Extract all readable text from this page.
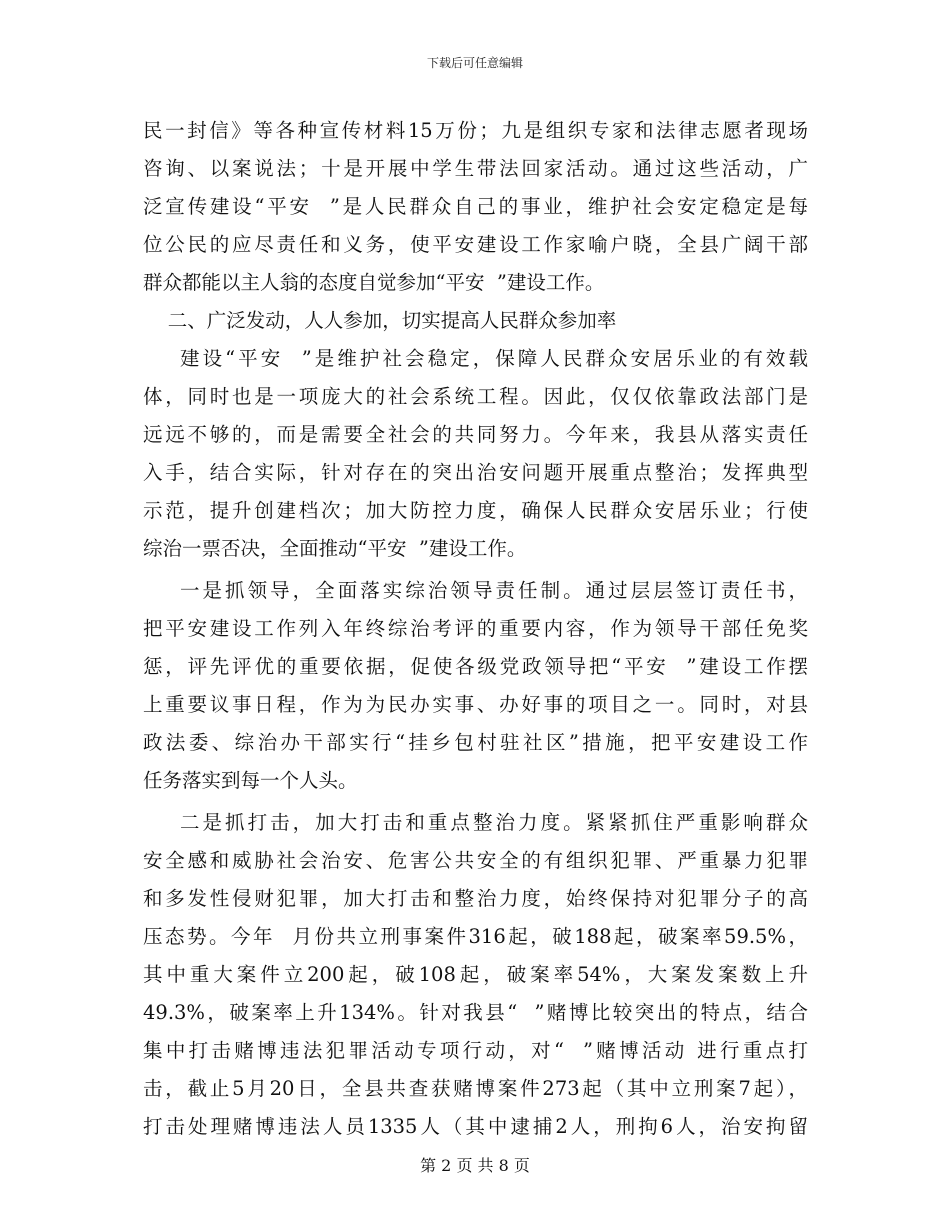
下载后可任意编辑
民一封信》等各种宣传材料15万份；九是组织专家和法律志愿者现场
咨询、以案说法；十是开展中学生带法回家活动。通过这些活动，广
泛宣传建设“平安  ”是人民群众自己的事业，维护社会安定稳定是每
位公民的应尽责任和义务，使平安建设工作家喻户晓，全县广阔干部
群众都能以主人翁的态度自觉参加“平安  ”建设工作。
二、广泛发动，人人参加，切实提高人民群众参加率
建设“平安  ”是维护社会稳定，保障人民群众安居乐业的有效载
体，同时也是一项庞大的社会系统工程。因此，仅仅依靠政法部门是
远远不够的，而是需要全社会的共同努力。今年来，我县从落实责任
入手，结合实际，针对存在的突出治安问题开展重点整治；发挥典型
示范，提升创建档次；加大防控力度，确保人民群众安居乐业；行使
综治一票否决，全面推动“平安  ”建设工作。
一是抓领导，全面落实综治领导责任制。通过层层签订责任书，
把平安建设工作列入年终综治考评的重要内容，作为领导干部任免奖
惩，评先评优的重要依据，促使各级党政领导把“平安  ”建设工作摆
上重要议事日程，作为为民办实事、办好事的项目之一。同时，对县
政法委、综治办干部实行“挂乡包村驻社区”措施，把平安建设工作
任务落实到每一个人头。
二是抓打击，加大打击和重点整治力度。紧紧抓住严重影响群众
安全感和威胁社会治安、危害公共安全的有组织犯罪、严重暴力犯罪
和多发性侵财犯罪，加大打击和整治力度，始终保持对犯罪分子的高
压态势。今年  月份共立刑事案件316起，破188起，破案率59.5%，
其中重大案件立200起，破108起，破案率54%，大案发案数上升
49.3%，破案率上升134%。针对我县“  ”赌博比较突出的特点，结合
集中打击赌博违法犯罪活动专项行动，对“  ”赌博活动 进行重点打
击，截止5月20日，全县共查获赌博案件273起（其中立刑案7起），
打击处理赌博违法人员1335人（其中逮捕2人，刑拘6人，治安拘留
第 2 页 共 8 页
